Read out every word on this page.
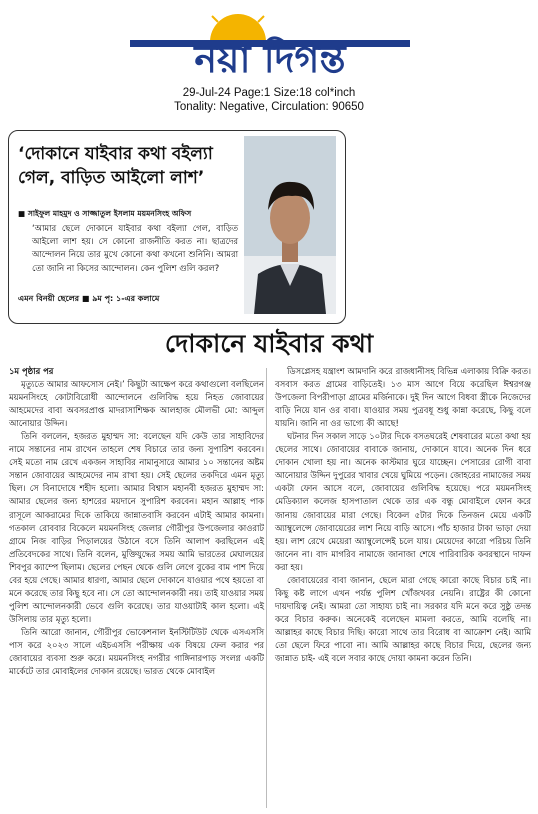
নয়া দিগন্ত
29-Jul-24 Page:1 Size:18 col*inch
Tonality: Negative, Circulation: 90650
‘দোকানে যাইবার কথা বইল্যা গেল, বাড়িত আইলো লাশ’
■ সাইফুল মাহমুদ ও সাজ্জাতুল ইসলাম ময়মনসিংহ অফিস

‘আমার ছেলে দোকানে যাইবার কথা বইল্যা গেল, বাড়িত আইলো লাশ হয়। সে কোনো রাজনীতি করত না। ছাত্রদের আন্দোলন নিয়ে তার মুখে কোনো কথা কখনো শুনিনি। আমরা তো জানি না কিসের আন্দোলন। কেন পুলিশ গুলি করল?

এমন বিনয়ী ছেলের ■ ৯ম পৃ: ১-এর কলামে
দোকানে যাইবার কথা

১ম পৃষ্ঠার পর

মৃত্যুতে আমার আফসোস নেই।’ কিছুটা আক্ষেপ করে কথাগুলো বলছিলেন ময়মনসিংহে কোটাবিরোধী আন্দোলনে গুলিবিদ্ধ হয়ে নিহত জোবায়ের আহমেদের বাবা অবসরপ্রাপ্ত মাদরাসাশিক্ষক আলহাজ মৌলভী মো: আব্দুল আনোয়ার উদ্দিন।

তিনি বললেন, হজরত মুহাম্মদ সা: বলেছেন যদি কেউ তার সাহাবিদের নামে সন্তানের নাম রাখেন তাহলে শেষ বিচারে তার জন্য সুপারিশ করবেন। সেই মতো নাম রেখে একজন সাহাবির নামানুসারে আমার ১০ সন্তানের অষ্টম সন্তান জোবায়ের আহমেদের নাম রাখা হয়। সেই ছেলের তকদিরে এমন মৃত্যু ছিল। সে বিনাদোষে শহীদ হলো। আমার বিশ্বাস মহানবী হজরত মুহাম্মদ সা: আমার ছেলের জন্য হাশরের ময়দানে সুপারিশ করবেন। মহান আল্লাহ পাক রাসূলে আকরামের দিকে তাকিয়ে জান্নাতবাসি করবেন এটাই আমার কামনা। গতকাল রোববার বিকেলে ময়মনসিংহ জেলার গৌরীপুর উপজেলার কাওরাট গ্রামে নিজ বাড়ির পিড়ালয়ের উঠানে বসে তিনি আলাপ করছিলেন এই প্রতিবেদকের সাথে। তিনি বলেন, মুক্তিযুদ্ধের সময় আমি ভারতের মেঘালয়ের শিবপুর ক্যাম্পে ছিলাম। ছেলের পেছন থেকে গুলি লেগে বুকের বাম পাশ দিয়ে বের হয়ে গেছে। আমার ধারণা, আমার ছেলে দোকানে যাওয়ার পথে হয়তো বা মনে করেছে তার কিছু হবে না। সে তো আন্দোলনকারী নয়। তাই যাওয়ার সময় পুলিশ আন্দোলনকারী ভেবে গুলি করেছে। তার যাওয়াটাই কাল হলো। এই উসিলায় তার মৃত্যু হলো।

তিনি আরো জানান, গৌরীপুর ভোকেশনাল ইনস্টিটিউট থেকে এসএসসি পাস করে ২০২৩ সালে এইচএসসি পরীক্ষায় এক বিষয়ে ফেল করার পর জোবায়ের ব্যবসা শুরু করে। ময়মনসিংহ নগরীর গাঙ্গিনারপাড় সংলগ্ন একটি মার্কেটে তার মোবাইলের দোকান রয়েছে। ভারত থেকে মোবাইল

ডিসপ্লেসহ যন্ত্রাংশ আমদানি করে রাজধানীসহ বিভিন্ন এলাকায় বিক্রি করত। বসবাস করত গ্রামের বাড়িতেই। ১৩ মাস আগে বিয়ে করেছিল ঈশ্বরগঞ্জ উপজেলা বিপরীপাড়া গ্রামের মর্জিনাকে। দুই দিন আগে বিধবা স্ত্রীকে নিজেদের বাড়ি নিয়ে যান ওর বাবা। যাওয়ার সময় পুত্রবধূ শুধু কান্না করেছে, কিছু বলে যায়নি। জানি না ওর ভাগ্যে কী আছে!

ঘটনার দিন সকাল সাড়ে ১০টার দিকে বসতঘরেই শেষবারের মতো কথা হয় ছেলের সাথে। জোবায়ের বাবাকে জানায়, দোকানে যাবে। অনেক দিন ধরে দোকান খোলা হয় না। অনেক কাস্টমার ঘুরে যাচ্ছেন। পেসারের রোগী বাবা আনোয়ার উদ্দিন দুপুরের খাবার খেয়ে ঘুমিয়ে পড়েন। জোহরের নামাজের সময় একটা ফোন আসে বলে, জোবায়ের গুলিবিদ্ধ হয়েছে। পরে ময়মনসিংহ মেডিক্যাল কলেজ হাসপাতাল থেকে তার এক বন্ধু মোবাইলে ফোন করে জানায় জোবায়ের মারা গেছে। বিকেল ৫টার দিকে তিনজন মেয়ে একটি অ্যাম্বুলেন্সে জোবায়েরের লাশ নিয়ে বাড়ি আসে। পাঁচ হাজার টাকা ভাড়া দেয়া হয়। লাশ রেখে মেয়েরা অ্যাম্বুলেন্সেই চলে যায়। মেয়েদের কারো পরিচয় তিনি জানেন না। বাদ মাগরিব নামাজে জানাজা শেষে পারিবারিক কবরস্থানে দাফন করা হয়।

জোবায়েরের বাবা জানান, ছেলে মারা গেছে কারো কাছে বিচার চাই না। কিছু কষ্ট লাগে এখন পর্যন্ত পুলিশ খোঁজখবর নেয়নি। রাষ্ট্রের কী কোনো দায়দায়িত্ব নেই। আমরা তো সাহায্য চাই না। সরকার যদি মনে করে সুষ্ঠু তদন্ত করে বিচার করুক। অনেকেই বলেছেন মামলা করতে, আমি বলেছি না। আল্লাহর কাছে বিচার দিছি। কারো সাথে তার বিরোধ বা আক্রোশ নেই। আমি তো ছেলে ফিরে পাবো না। আমি আল্লাহর কাছে বিচার দিয়ে, ছেলের জন্য জান্নাত চাই- এই বলে সবার কাছে দোয়া কামনা করেন তিনি।
